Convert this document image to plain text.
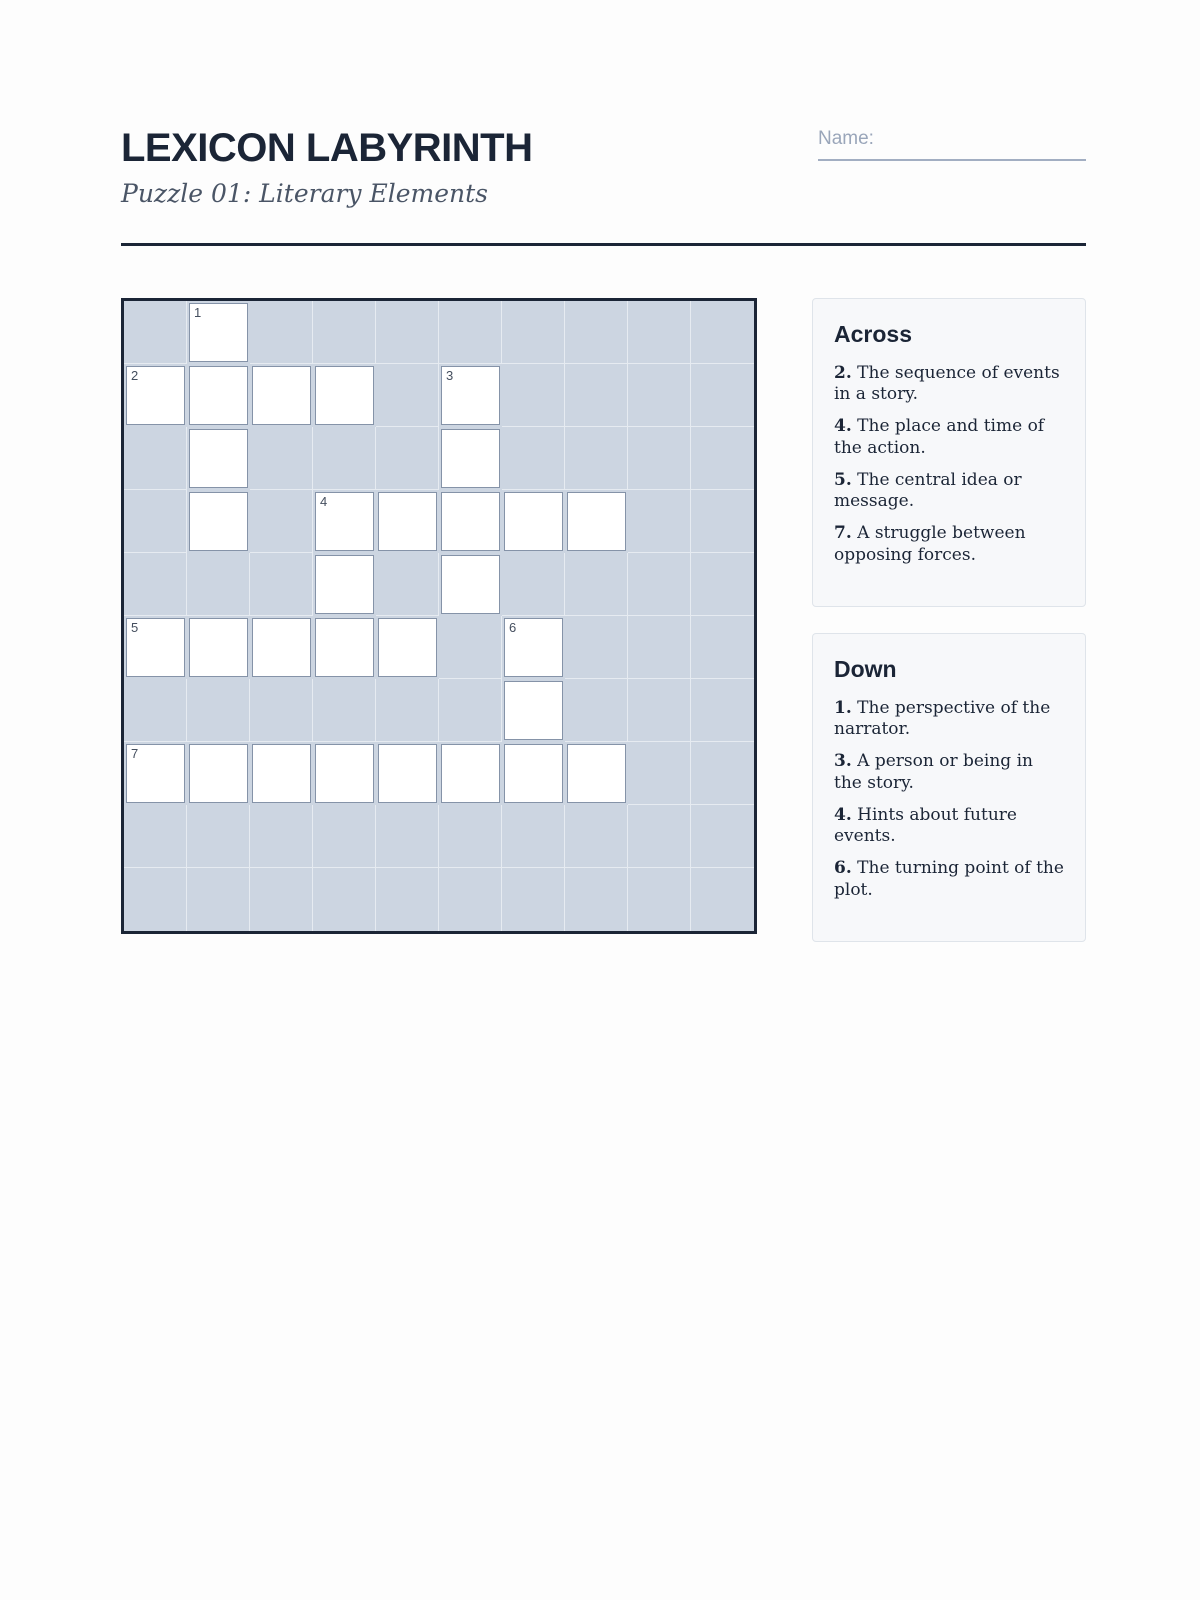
LEXICON LABYRINTH

Puzzle 01: Literary Elements

Name:
1
2	3
4
5	6
7
Across
2. The sequence of events in a story.
4. The place and time of the action.
5. The central idea or message.
7. A struggle between opposing forces.
Down
1. The perspective of the narrator.
3. A person or being in the story.
4. Hints about future events.
6. The turning point of the plot.
